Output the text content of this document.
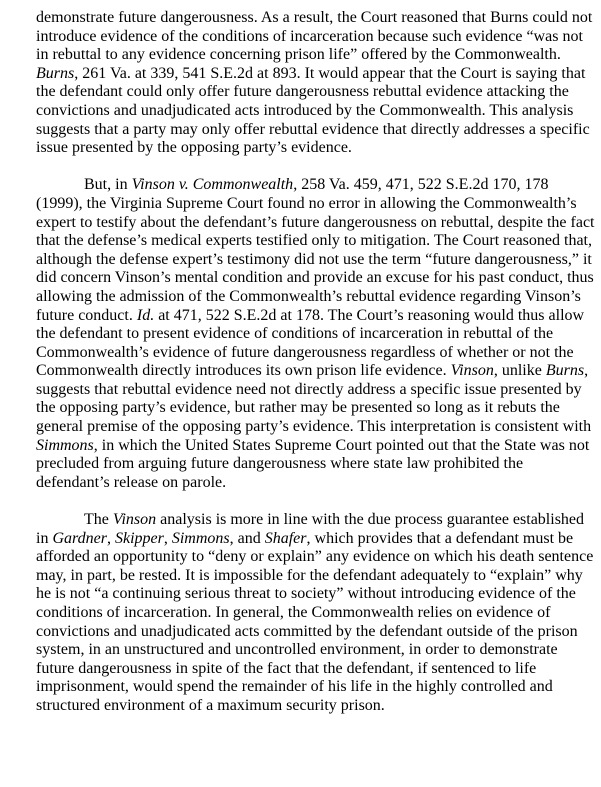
demonstrate future dangerousness. As a result, the Court reasoned that Burns could not introduce evidence of the conditions of incarceration because such evidence “was not in rebuttal to any evidence concerning prison life” offered by the Commonwealth. Burns, 261 Va. at 339, 541 S.E.2d at 893. It would appear that the Court is saying that the defendant could only offer future dangerousness rebuttal evidence attacking the convictions and unadjudicated acts introduced by the Commonwealth. This analysis suggests that a party may only offer rebuttal evidence that directly addresses a specific issue presented by the opposing party’s evidence.

But, in Vinson v. Commonwealth, 258 Va. 459, 471, 522 S.E.2d 170, 178 (1999), the Virginia Supreme Court found no error in allowing the Commonwealth’s expert to testify about the defendant’s future dangerousness on rebuttal, despite the fact that the defense’s medical experts testified only to mitigation. The Court reasoned that, although the defense expert’s testimony did not use the term “future dangerousness,” it did concern Vinson’s mental condition and provide an excuse for his past conduct, thus allowing the admission of the Commonwealth’s rebuttal evidence regarding Vinson’s future conduct. Id. at 471, 522 S.E.2d at 178. The Court’s reasoning would thus allow the defendant to present evidence of conditions of incarceration in rebuttal of the Commonwealth’s evidence of future dangerousness regardless of whether or not the Commonwealth directly introduces its own prison life evidence. Vinson, unlike Burns, suggests that rebuttal evidence need not directly address a specific issue presented by the opposing party’s evidence, but rather may be presented so long as it rebuts the general premise of the opposing party’s evidence. This interpretation is consistent with Simmons, in which the United States Supreme Court pointed out that the State was not precluded from arguing future dangerousness where state law prohibited the defendant’s release on parole.

The Vinson analysis is more in line with the due process guarantee established in Gardner, Skipper, Simmons, and Shafer, which provides that a defendant must be afforded an opportunity to “deny or explain” any evidence on which his death sentence may, in part, be rested. It is impossible for the defendant adequately to “explain” why he is not “a continuing serious threat to society” without introducing evidence of the conditions of incarceration. In general, the Commonwealth relies on evidence of convictions and unadjudicated acts committed by the defendant outside of the prison system, in an unstructured and uncontrolled environment, in order to demonstrate future dangerousness in spite of the fact that the defendant, if sentenced to life imprisonment, would spend the remainder of his life in the highly controlled and structured environment of a maximum security prison.
